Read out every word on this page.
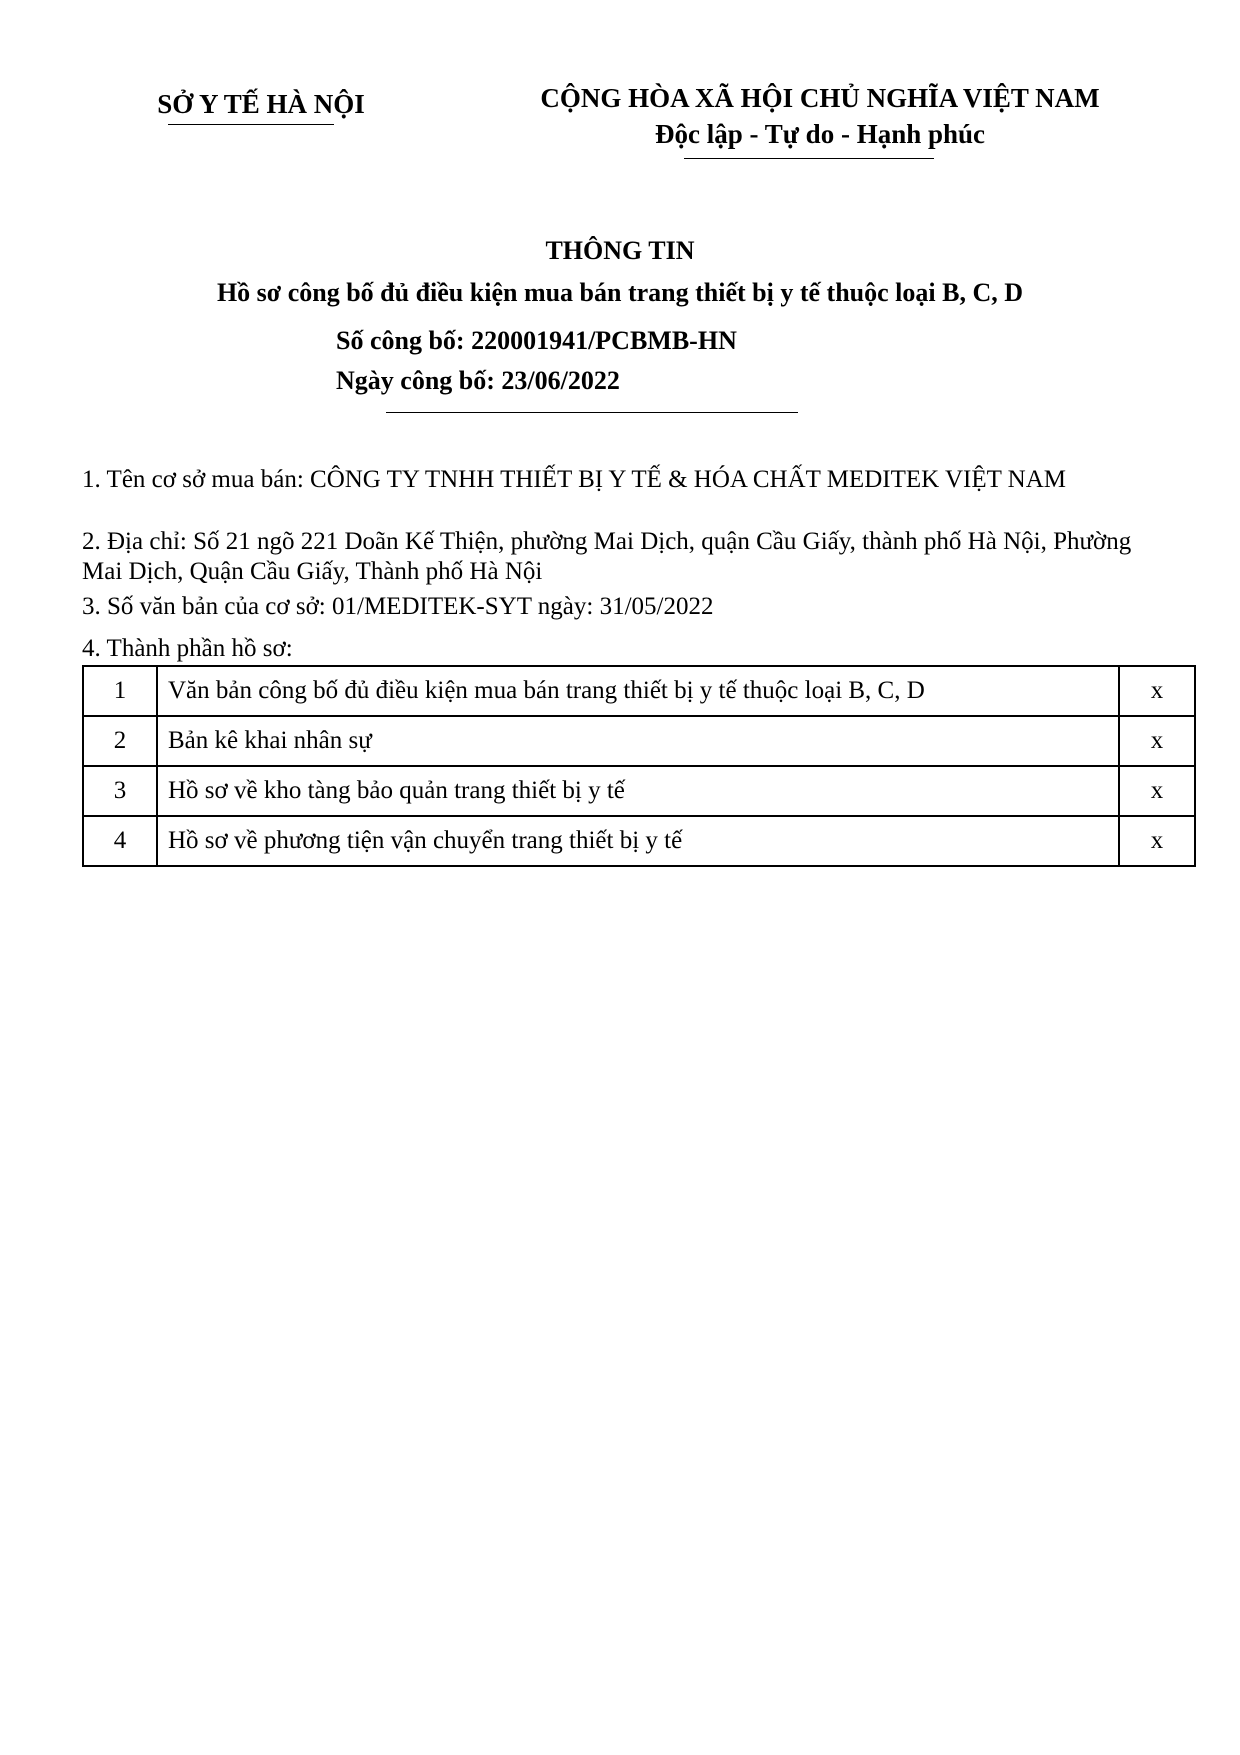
SỞ Y TẾ HÀ NỘI	CỘNG HÒA XÃ HỘI CHỦ NGHĨA VIỆT NAM
Độc lập - Tự do - Hạnh phúc
THÔNG TIN
Hồ sơ công bố đủ điều kiện mua bán trang thiết bị y tế thuộc loại B, C, D
Số công bố: 220001941/PCBMB-HN
Ngày công bố: 23/06/2022
1. Tên cơ sở mua bán: CÔNG TY TNHH THIẾT BỊ Y TẾ & HÓA CHẤT MEDITEK VIỆT NAM
2. Địa chỉ: Số 21 ngõ 221 Doãn Kế Thiện, phường Mai Dịch, quận Cầu Giấy, thành phố Hà Nội, Phường Mai Dịch, Quận Cầu Giấy, Thành phố Hà Nội
3. Số văn bản của cơ sở: 01/MEDITEK-SYT ngày: 31/05/2022
4. Thành phần hồ sơ:
1	Văn bản công bố đủ điều kiện mua bán trang thiết bị y tế thuộc loại B, C, D	x
2	Bản kê khai nhân sự	x
3	Hồ sơ về kho tàng bảo quản trang thiết bị y tế	x
4	Hồ sơ về phương tiện vận chuyển trang thiết bị y tế	x
